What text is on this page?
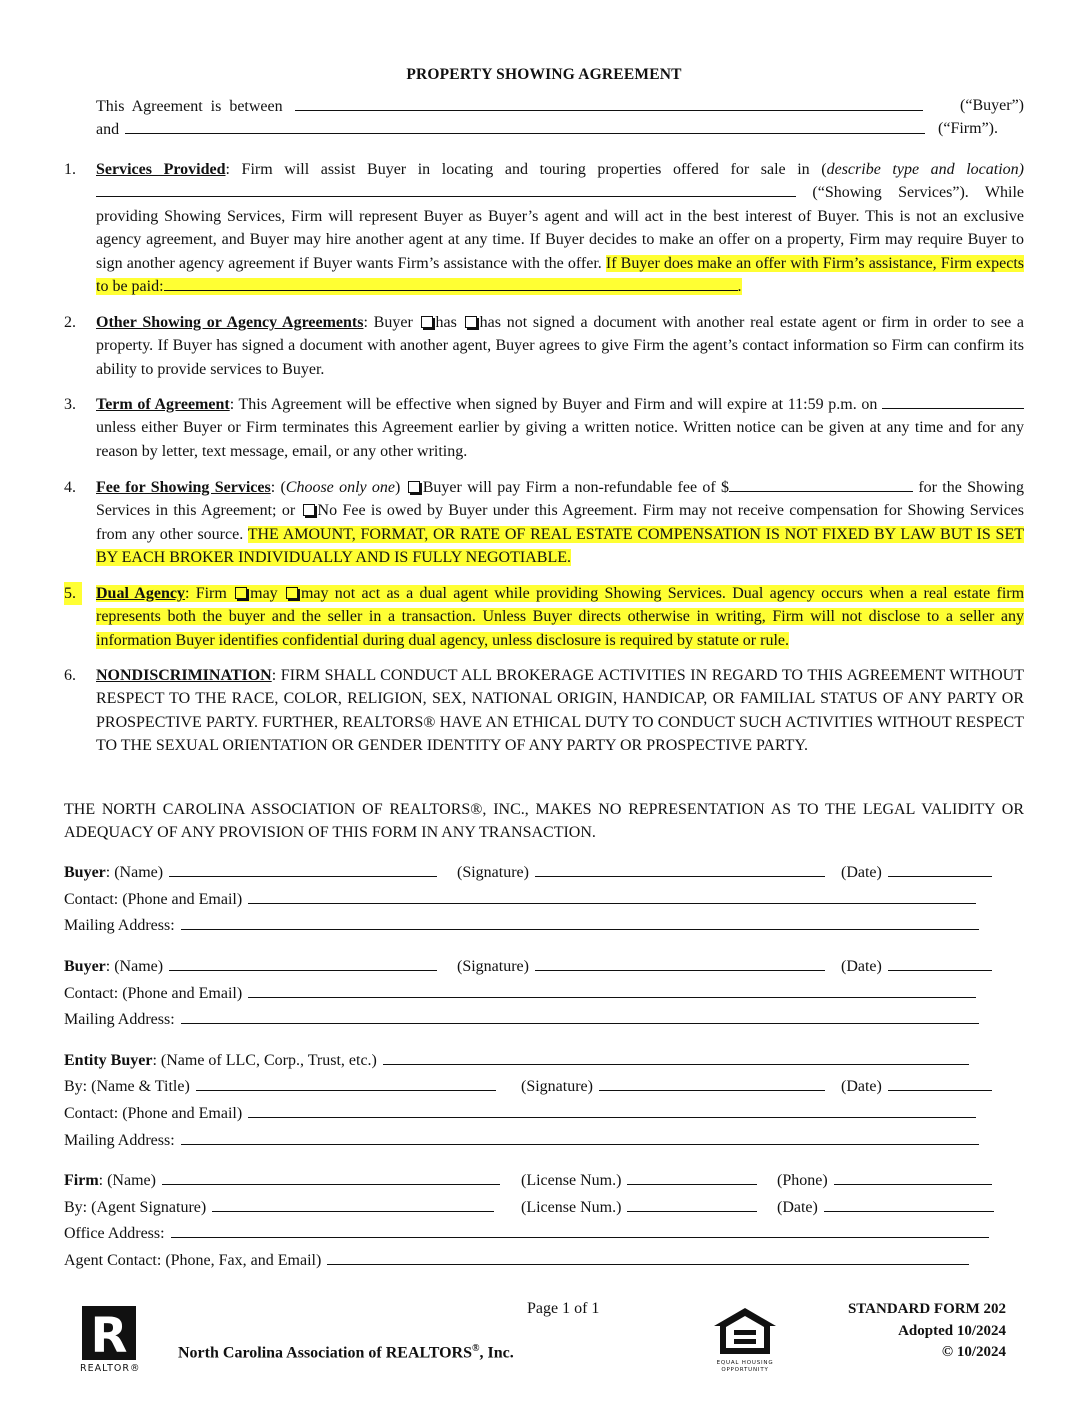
PROPERTY SHOWING AGREEMENT
This Agreement is between	(“Buyer”)
and	(“Firm”).
1. Services Provided: Firm will assist Buyer in locating and touring properties offered for sale in (describe type and location)  (“Showing Services”). While providing Showing Services, Firm will represent Buyer as Buyer’s agent and will act in the best interest of Buyer. This is not an exclusive agency agreement, and Buyer may hire another agent at any time. If Buyer decides to make an offer on a property, Firm may require Buyer to sign another agency agreement if Buyer wants Firm’s assistance with the offer. If Buyer does make an offer with Firm’s assistance, Firm expects to be paid:	.
2. Other Showing or Agency Agreements: Buyer has has not signed a document with another real estate agent or firm in order to see a property. If Buyer has signed a document with another agent, Buyer agrees to give Firm the agent’s contact information so Firm can confirm its ability to provide services to Buyer.
3. Term of Agreement: This Agreement will be effective when signed by Buyer and Firm and will expire at 11:59 p.m. on  unless either Buyer or Firm terminates this Agreement earlier by giving a written notice. Written notice can be given at any time and for any reason by letter, text message, email, or any other writing.
4. Fee for Showing Services: (Choose only one) Buyer will pay Firm a non-refundable fee of $	for the Showing Services in this Agreement; or No Fee is owed by Buyer under this Agreement. Firm may not receive compensation for Showing Services from any other source. THE AMOUNT, FORMAT, OR RATE OF REAL ESTATE COMPENSATION IS NOT FIXED BY LAW BUT IS SET BY EACH BROKER INDIVIDUALLY AND IS FULLY NEGOTIABLE.
5.	Dual Agency: Firm may may not act as a dual agent while providing Showing Services. Dual agency occurs when a real estate firm represents both the buyer and the seller in a transaction. Unless Buyer directs otherwise in writing, Firm will not disclose to a seller any information Buyer identifies confidential during dual agency, unless disclosure is required by statute or rule.
6. NONDISCRIMINATION: FIRM SHALL CONDUCT ALL BROKERAGE ACTIVITIES IN REGARD TO THIS AGREEMENT WITHOUT RESPECT TO THE RACE, COLOR, RELIGION, SEX, NATIONAL ORIGIN, HANDICAP, OR FAMILIAL STATUS OF ANY PARTY OR PROSPECTIVE PARTY. FURTHER, REALTORS® HAVE AN ETHICAL DUTY TO CONDUCT SUCH ACTIVITIES WITHOUT RESPECT TO THE SEXUAL ORIENTATION OR GENDER IDENTITY OF ANY PARTY OR PROSPECTIVE PARTY.
THE NORTH CAROLINA ASSOCIATION OF REALTORS®, INC., MAKES NO REPRESENTATION AS TO THE LEGAL VALIDITY OR ADEQUACY OF ANY PROVISION OF THIS FORM IN ANY TRANSACTION.
Buyer: (Name)	(Signature)	(Date)
Contact: (Phone and Email)
Mailing Address:
Buyer: (Name)	(Signature)	(Date)
Contact: (Phone and Email)
Mailing Address:
Entity Buyer: (Name of LLC, Corp., Trust, etc.)
By: (Name & Title)	(Signature)	(Date)
Contact: (Phone and Email)
Mailing Address:
Firm: (Name)	(License Num.)	(Phone)
By: (Agent Signature)	(License Num.)	(Date)
Office Address:
Agent Contact: (Phone, Fax, and Email)
R
REALTOR®
Page 1 of 1
North Carolina Association of REALTORS®, Inc.
EQUAL HOUSING OPPORTUNITY
STANDARD FORM 202
Adopted 10/2024
© 10/2024
